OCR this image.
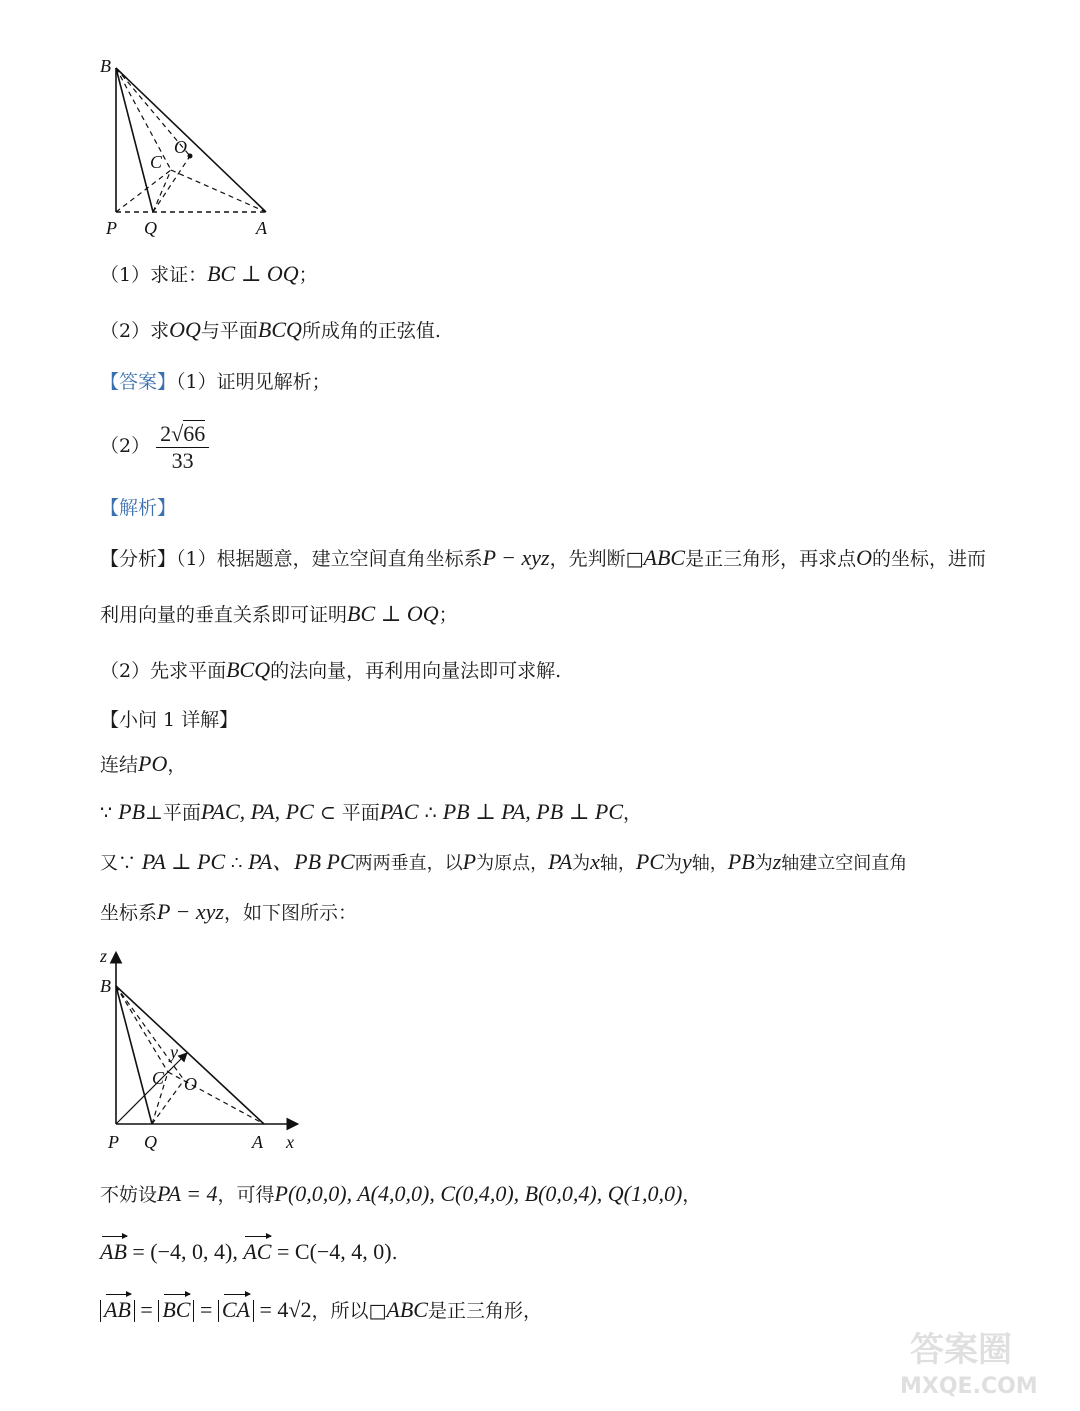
B
C
O
P Q	A
（1）求证：BC ⊥ OQ；
（2）求OQ与平面BCQ所成角的正弦值.
【答案】（1）证明见解析；
$(2) \frac{2√66}{33}$
【解析】
【分析】（1）根据题意，建立空间直角坐标系P − xyz，先判断□ABC是正三角形，再求点O的坐标，进而
利用向量的垂直关系即可证明BC ⊥ OQ；
（2）先求平面BCQ的法向量，再利用向量法即可求解.
【小问 1 详解】
连结PO，
∵ PB⊥平面PAC, PA, PC ⊂ 平面PAC ∴ PB ⊥ PA, PB ⊥ PC，
又∵ PA ⊥ PC ∴ PA、PB PC两两垂直，以P为原点，PA为x轴，PC为y轴，PB为z轴建立空间直角
坐标系P − xyz，如下图所示：
z
B
y
C O
P Q	A x
不妨设PA = 4，可得P(0,0,0), A(4,0,0), C(0,4,0), B(0,0,4), Q(1,0,0)，
AB = (−4, 0, 4), AC = C(−4, 4, 0).
AB = BC = CA = 4√2，所以□ABC是正三角形，
答案圈
MXQE.COM
